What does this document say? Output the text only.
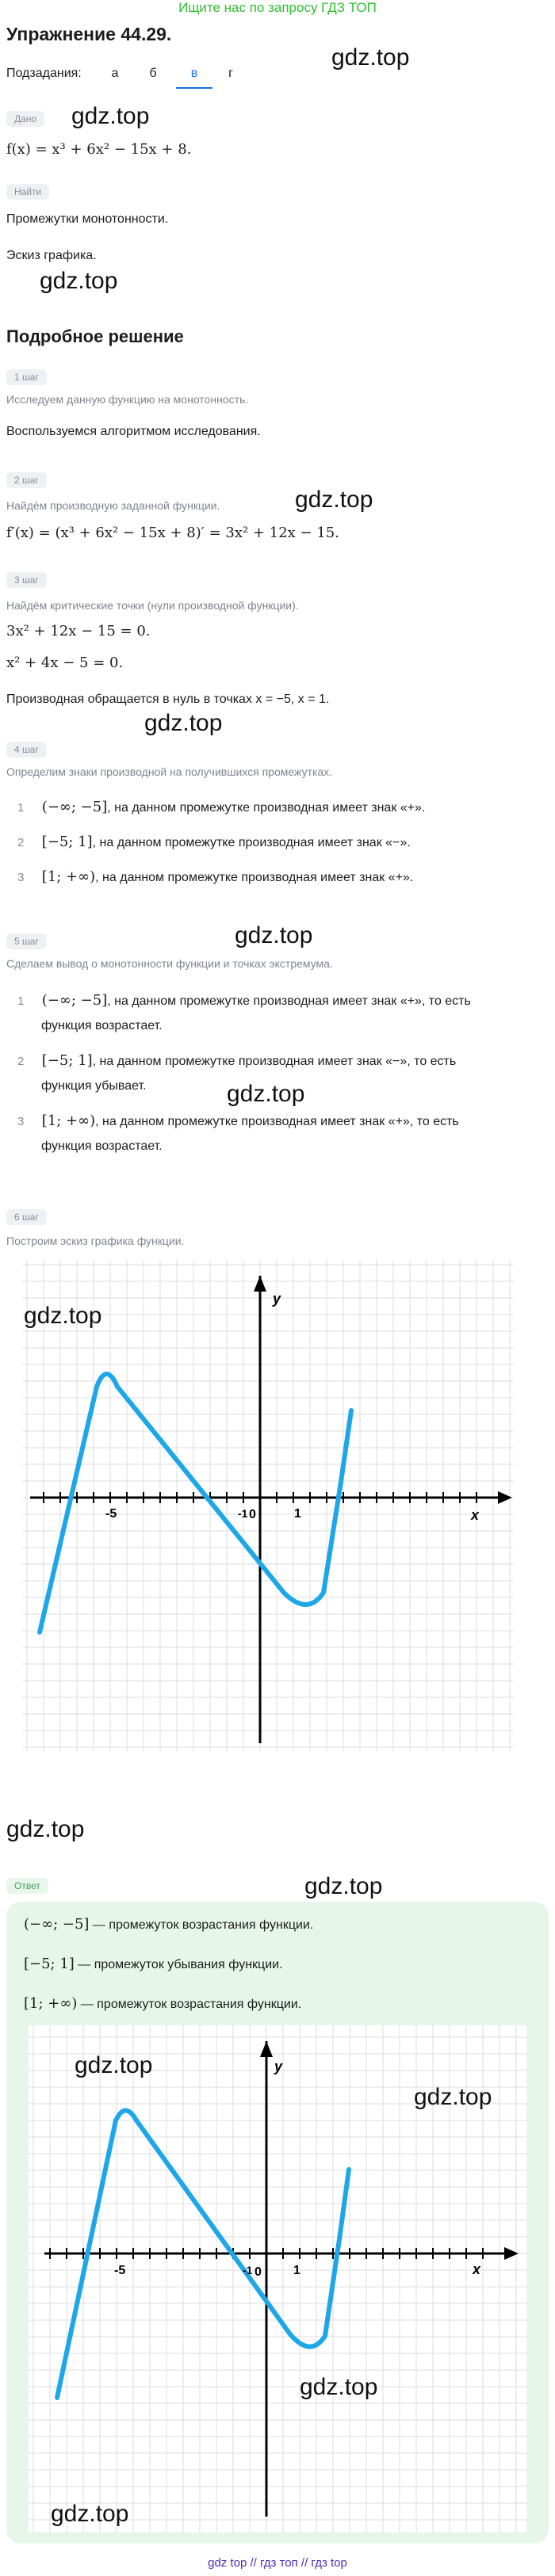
Ищите нас по запросу ГДЗ ТОП
Упражнение 44.29.
Подзадания:	а	б	в	г
gdz.top
Дано	gdz.top
f(x) = x³ + 6x² − 15x + 8.
Найти
Промежутки монотонности.
Эскиз графика.
gdz.top
Подробное решение
1 шаг
Исследуем данную функцию на монотонность.
Воспользуемся алгоритмом исследования.
2 шаг
gdz.top
Найдём производную заданной функции.
f′(x) = (x³ + 6x² − 15x + 8)′ = 3x² + 12x − 15.
3 шаг
Найдём критические точки (нули производной функции).
3x² + 12x − 15 = 0.
x² + 4x − 5 = 0.
Производная обращается в нуль в точках x = −5, x = 1.
gdz.top
4 шаг
Определим знаки производной на получившихся промежутках.
1 (−∞; −5], на данном промежутке производная имеет знак «+».
2 [−5; 1], на данном промежутке производная имеет знак «−».
3 [1; +∞), на данном промежутке производная имеет знак «+».
gdz.top
5 шаг
Сделаем вывод о монотонности функции и точках экстремума.
1 (−∞; −5], на данном промежутке производная имеет знак «+», то есть
функция возрастает.
2 [−5; 1], на данном промежутке производная имеет знак «−», то есть
функция убывает.	gdz.top
3 [1; +∞), на данном промежутке производная имеет знак «+», то есть
функция возрастает.
6 шаг
Построим эскиз графика функции.
y
x
-5	-1 0	1
gdz.top
gdz.top
Ответ	gdz.top
(−∞; −5] — промежуток возрастания функции.
[−5; 1] — промежуток убывания функции.
[1; +∞) — промежуток возрастания функции.
y
x
-5	-1 0	1
gdz.top
gdz.top
gdz.top
gdz.top
gdz top // гдз топ // гдз top
